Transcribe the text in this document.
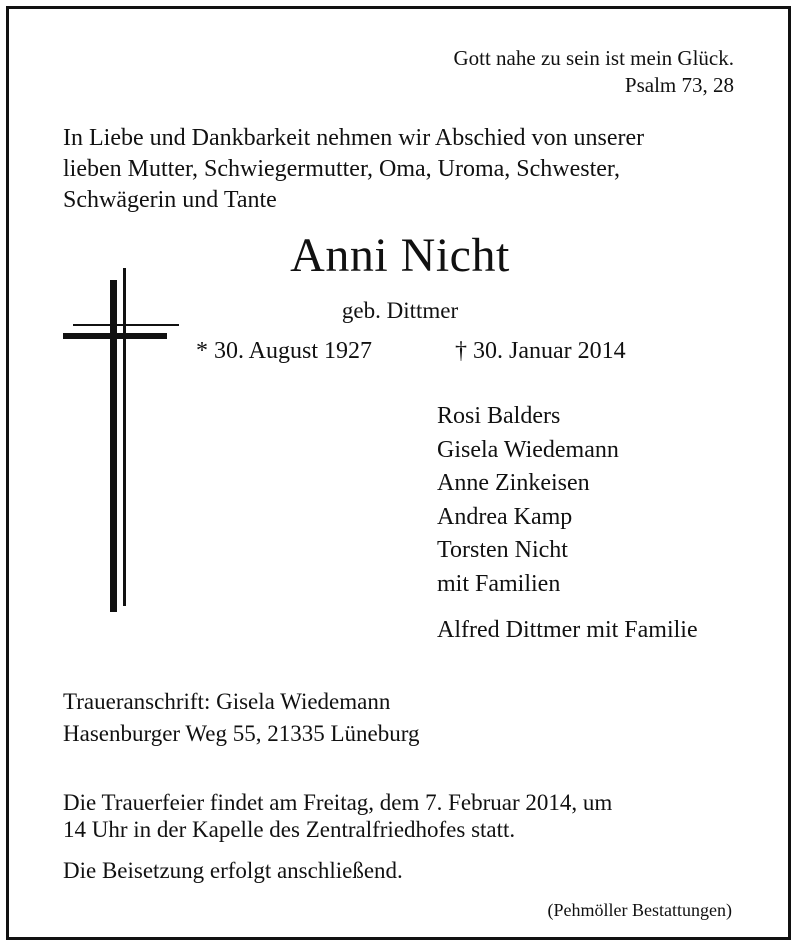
Gott nahe zu sein ist mein Glück.
Psalm 73, 28
In Liebe und Dankbarkeit nehmen wir Abschied von unserer
lieben Mutter, Schwiegermutter, Oma, Uroma, Schwester,
Schwägerin und Tante
Anni Nicht
geb. Dittmer
* 30. August 1927	† 30. Januar 2014
Rosi Balders
Gisela Wiedemann
Anne Zinkeisen
Andrea Kamp
Torsten Nicht
mit Familien
Alfred Dittmer mit Familie
Traueranschrift: Gisela Wiedemann
Hasenburger Weg 55, 21335 Lüneburg
Die Trauerfeier findet am Freitag, dem 7. Februar 2014, um
14 Uhr in der Kapelle des Zentralfriedhofes statt.
Die Beisetzung erfolgt anschließend.
(Pehmöller Bestattungen)
